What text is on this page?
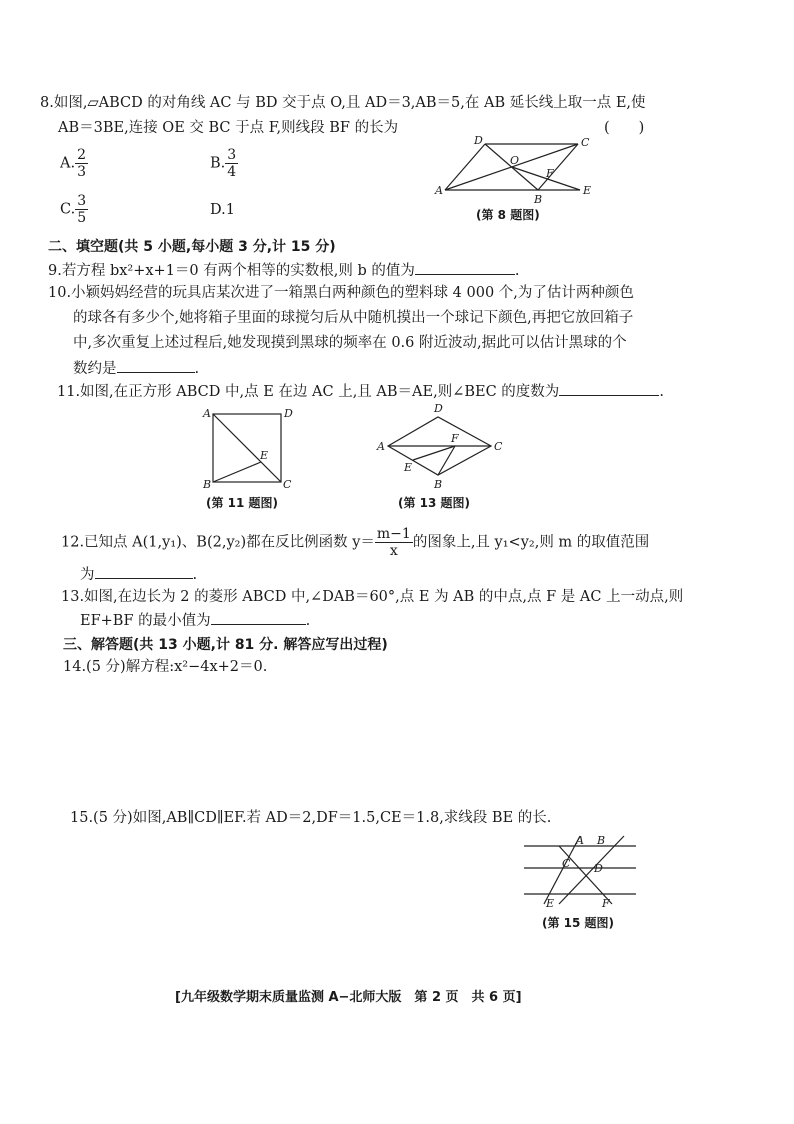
8.如图,▱ABCD 的对角线 AC 与 BD 交于点 O,且 AD＝3,AB＝5,在 AB 延长线上取一点 E,使
AB＝3BE,连接 OE 交 BC 于点 F,则线段 BF 的长为	(　　)
A. $\frac{2}{3}$	B. $\frac{3}{4}$
C. $\frac{3}{5}$	D.1
A
B
C
D
E
F
O
(第 8 题图)
二、填空题(共 5 小题,每小题 3 分,计 15 分)
9.若方程 bx²+x+1＝0 有两个相等的实数根,则 b 的值为	.
10.小颖妈妈经营的玩具店某次进了一箱黑白两种颜色的塑料球 4 000 个,为了估计两种颜色
的球各有多少个,她将箱子里面的球搅匀后从中随机摸出一个球记下颜色,再把它放回箱子
中,多次重复上述过程后,她发现摸到黑球的频率在 0.6 附近波动,据此可以估计黑球的个
数约是	.
11.如图,在正方形 ABCD 中,点 E 在边 AC 上,且 AB＝AE,则∠BEC 的度数为	.
A	D
B	C
E
(第 11 题图)
A
D
C
B
E
F
(第 13 题图)
12.已知点 A(1,y₁)、B(2,y₂)都在反比例函数 $y= \frac{m-1}{x}$ 的图象上,且 y₁<y₂,则 m 的取值范围
为	.
13.如图,在边长为 2 的菱形 ABCD 中,∠DAB＝60°,点 E 为 AB 的中点,点 F 是 AC 上一动点,则
EF+BF 的最小值为	.
三、解答题(共 13 小题,计 81 分. 解答应写出过程)
14.(5 分)解方程:x²−4x+2＝0.
15.(5 分)如图,AB∥CD∥EF.若 AD＝2,DF＝1.5,CE＝1.8,求线段 BE 的长.
A B
C D
E	F
(第 15 题图)
[九年级数学期末质量监测 A−北师大版　第 2 页　共 6 页]
